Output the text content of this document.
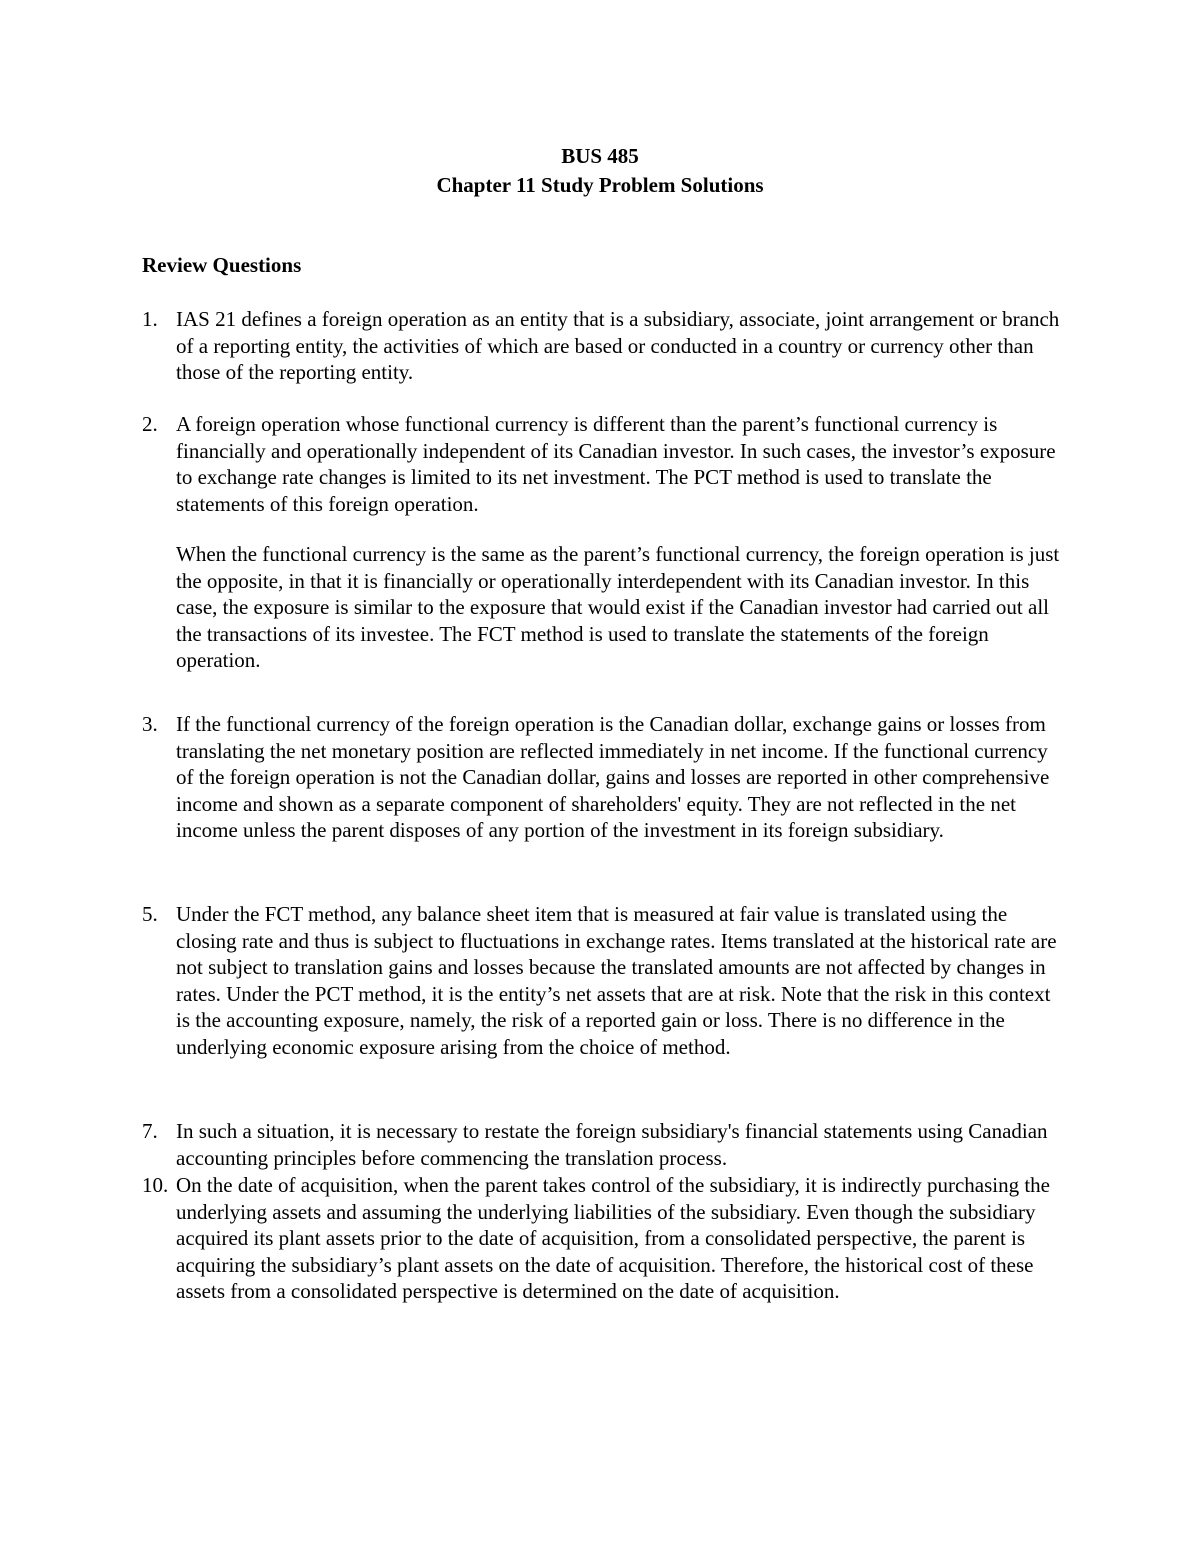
BUS 485
Chapter 11 Study Problem Solutions
Review Questions
1. IAS 21 defines a foreign operation as an entity that is a subsidiary, associate, joint arrangement or branch of a reporting entity, the activities of which are based or conducted in a country or currency other than those of the reporting entity.

2. A foreign operation whose functional currency is different than the parent’s functional currency is financially and operationally independent of its Canadian investor. In such cases, the investor’s exposure to exchange rate changes is limited to its net investment. The PCT method is used to translate the statements of this foreign operation.

When the functional currency is the same as the parent’s functional currency, the foreign operation is just the opposite, in that it is financially or operationally interdependent with its Canadian investor. In this case, the exposure is similar to the exposure that would exist if the Canadian investor had carried out all the transactions of its investee. The FCT method is used to translate the statements of the foreign operation.

3. If the functional currency of the foreign operation is the Canadian dollar, exchange gains or losses from translating the net monetary position are reflected immediately in net income. If the functional currency of the foreign operation is not the Canadian dollar, gains and losses are reported in other comprehensive income and shown as a separate component of shareholders' equity. They are not reflected in the net income unless the parent disposes of any portion of the investment in its foreign subsidiary.

5. Under the FCT method, any balance sheet item that is measured at fair value is translated using the closing rate and thus is subject to fluctuations in exchange rates. Items translated at the historical rate are not subject to translation gains and losses because the translated amounts are not affected by changes in rates. Under the PCT method, it is the entity’s net assets that are at risk. Note that the risk in this context is the accounting exposure, namely, the risk of a reported gain or loss. There is no difference in the underlying economic exposure arising from the choice of method.

7. In such a situation, it is necessary to restate the foreign subsidiary's financial statements using Canadian accounting principles before commencing the translation process.

10. On the date of acquisition, when the parent takes control of the subsidiary, it is indirectly purchasing the underlying assets and assuming the underlying liabilities of the subsidiary. Even though the subsidiary acquired its plant assets prior to the date of acquisition, from a consolidated perspective, the parent is acquiring the subsidiary’s plant assets on the date of acquisition. Therefore, the historical cost of these assets from a consolidated perspective is determined on the date of acquisition.
